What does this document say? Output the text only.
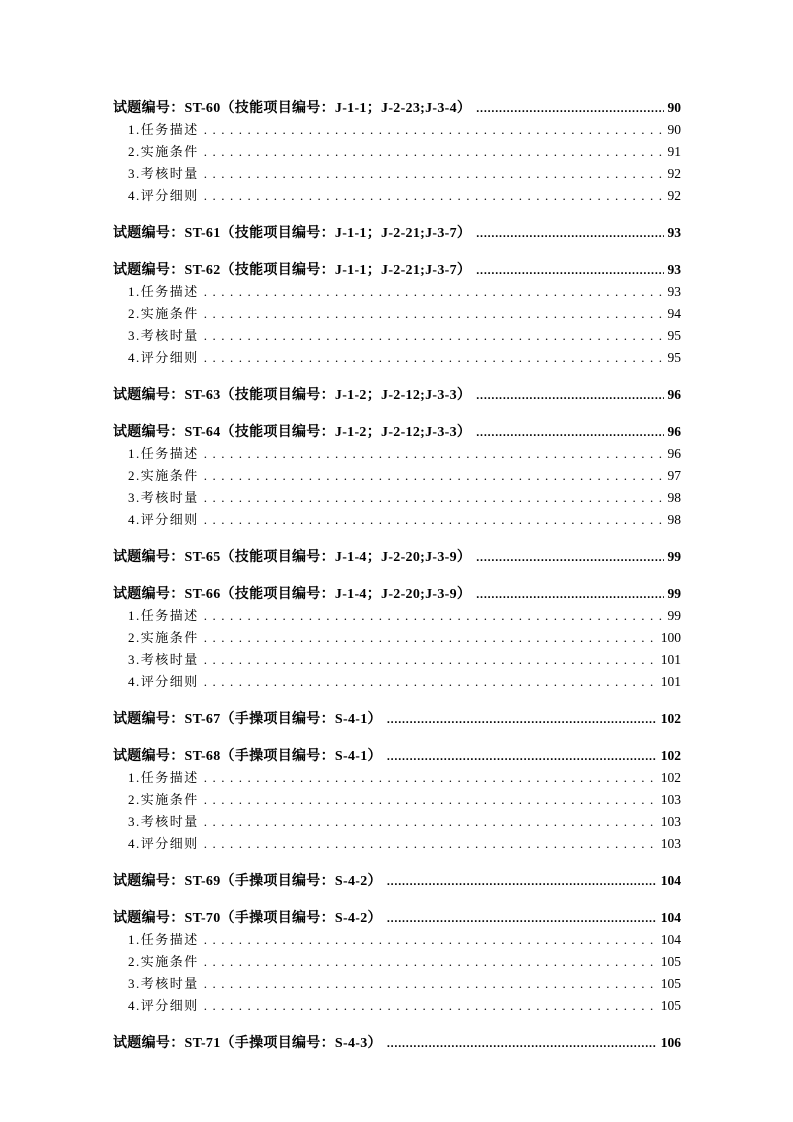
试题编号：ST-60（技能项目编号：J-1-1；J-2-23;J-3-4） .....	90
1.任务描述 .....	90
2.实施条件 .....	91
3.考核时量 .....	92
4.评分细则 .....	92
试题编号：ST-61（技能项目编号：J-1-1；J-2-21;J-3-7） .....	93
试题编号：ST-62（技能项目编号：J-1-1；J-2-21;J-3-7） .....	93
1.任务描述 .....	93
2.实施条件 .....	94
3.考核时量 .....	95
4.评分细则 .....	95
试题编号：ST-63（技能项目编号：J-1-2；J-2-12;J-3-3） .....	96
试题编号：ST-64（技能项目编号：J-1-2；J-2-12;J-3-3） .....	96
1.任务描述 .....	96
2.实施条件 .....	97
3.考核时量 .....	98
4.评分细则 .....	98
试题编号：ST-65（技能项目编号：J-1-4；J-2-20;J-3-9） .....	99
试题编号：ST-66（技能项目编号：J-1-4；J-2-20;J-3-9） .....	99
1.任务描述 .....	99
2.实施条件 .....	100
3.考核时量 .....	101
4.评分细则 .....	101
试题编号：ST-67（手操项目编号：S-4-1） .....	102
试题编号：ST-68（手操项目编号：S-4-1） .....	102
1.任务描述 .....	102
2.实施条件 .....	103
3.考核时量 .....	103
4.评分细则 .....	103
试题编号：ST-69（手操项目编号：S-4-2） .....	104
试题编号：ST-70（手操项目编号：S-4-2） .....	104
1.任务描述 .....	104
2.实施条件 .....	105
3.考核时量 .....	105
4.评分细则 .....	105
试题编号：ST-71（手操项目编号：S-4-3） .....	106
